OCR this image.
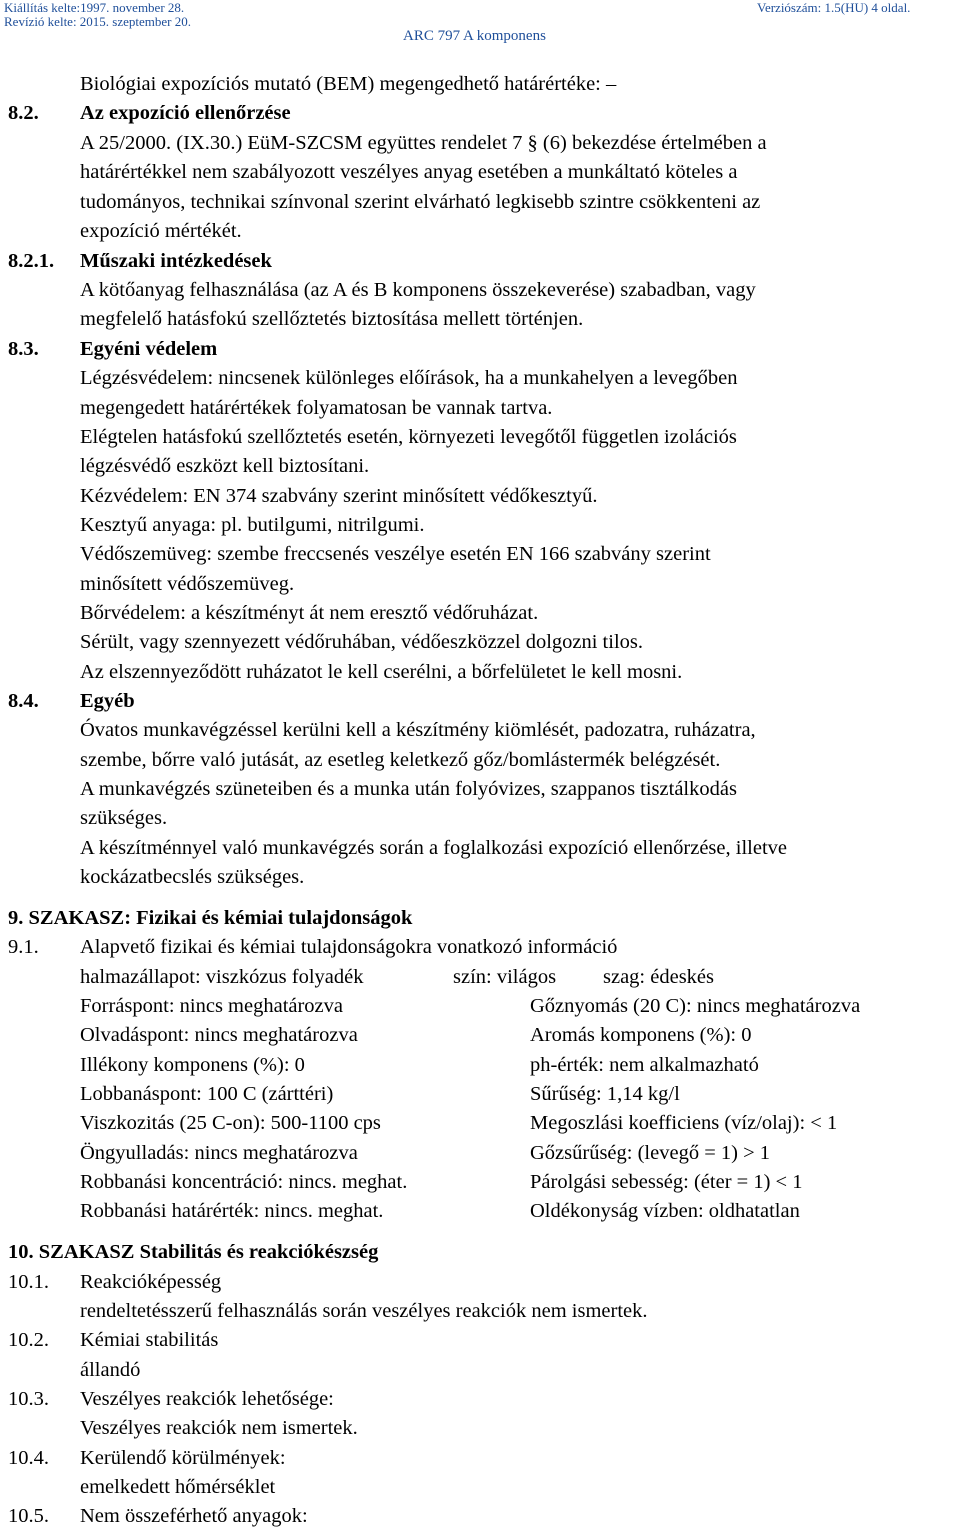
Kiállítás kelte:1997. november 28.
Revízió kelte: 2015. szeptember 20.
Verziószám: 1.5(HU) 4 oldal.
ARC 797 A komponens
Biológiai expozíciós mutató (BEM) megengedhető határértéke: –
8.2. Az expozíció ellenőrzése
A 25/2000. (IX.30.) EüM-SZCSM együttes rendelet 7 § (6) bekezdése értelmében a
határértékkel nem szabályozott veszélyes anyag esetében a munkáltató köteles a
tudományos, technikai színvonal szerint elvárható legkisebb szintre csökkenteni az
expozíció mértékét.
8.2.1. Műszaki intézkedések
A kötőanyag felhasználása (az A és B komponens összekeverése) szabadban, vagy
megfelelő hatásfokú szellőztetés biztosítása mellett történjen.
8.3. Egyéni védelem
Légzésvédelem: nincsenek különleges előírások, ha a munkahelyen a levegőben
megengedett határértékek folyamatosan be vannak tartva.
Elégtelen hatásfokú szellőztetés esetén, környezeti levegőtől független izolációs
légzésvédő eszközt kell biztosítani.
Kézvédelem: EN 374 szabvány szerint minősített védőkesztyű.
Kesztyű anyaga: pl. butilgumi, nitrilgumi.
Védőszemüveg: szembe freccsenés veszélye esetén EN 166 szabvány szerint
minősített védőszemüveg.
Bőrvédelem: a készítményt át nem eresztő védőruházat.
Sérült, vagy szennyezett védőruhában, védőeszközzel dolgozni tilos.
Az elszennyeződött ruházatot le kell cserélni, a bőrfelületet le kell mosni.
8.4. Egyéb
Óvatos munkavégzéssel kerülni kell a készítmény kiömlését, padozatra, ruházatra,
szembe, bőrre való jutását, az esetleg keletkező gőz/bomlástermék belégzését.
A munkavégzés szüneteiben és a munka után folyóvizes, szappanos tisztálkodás
szükséges.
A készítménnyel való munkavégzés során a foglalkozási expozíció ellenőrzése, illetve
kockázatbecslés szükséges.
9. SZAKASZ: Fizikai és kémiai tulajdonságok
9.1. Alapvető fizikai és kémiai tulajdonságokra vonatkozó információ
halmazállapot: viszkózus folyadék	szín: világos szag: édeskés
Forráspont: nincs meghatározva
Olvadáspont: nincs meghatározva
Illékony komponens (%): 0
Lobbanáspont: 100 C (zárttéri)
Viszkozitás (25 C-on): 500-1100 cps
Öngyulladás: nincs meghatározva
Robbanási koncentráció: nincs. meghat.
Robbanási határérték: nincs. meghat.
Gőznyomás (20 C): nincs meghatározva
Aromás komponens (%): 0
ph-érték: nem alkalmazható
Sűrűség: 1,14 kg/l
Megoszlási koefficiens (víz/olaj): < 1
Gőzsűrűség: (levegő = 1) > 1
Párolgási sebesség: (éter = 1) < 1
Oldékonyság vízben: oldhatatlan
10. SZAKASZ Stabilitás és reakciókészség
10.1. Reakcióképesség
rendeltetésszerű felhasználás során veszélyes reakciók nem ismertek.
10.2. Kémiai stabilitás
állandó
10.3. Veszélyes reakciók lehetősége:
Veszélyes reakciók nem ismertek.
10.4. Kerülendő körülmények:
emelkedett hőmérséklet
10.5. Nem összeférhető anyagok:
